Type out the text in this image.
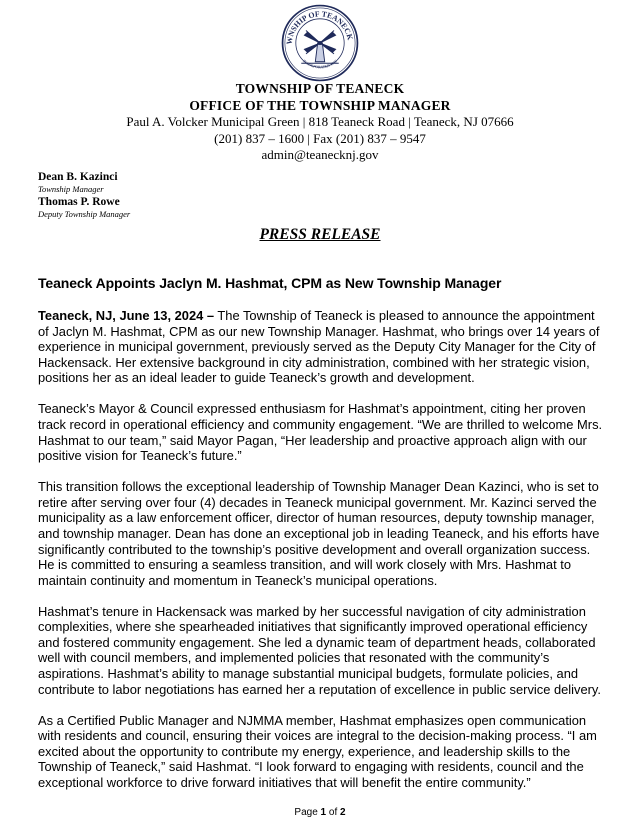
WNSHIP OF TEANECK
INCORPORATED 1895
TOWNSHIP OF TEANECK
OFFICE OF THE TOWNSHIP MANAGER
Paul A. Volcker Municipal Green | 818 Teaneck Road | Teaneck, NJ 07666
(201) 837 – 1600 | Fax (201) 837 – 9547
admin@teanecknj.gov
Dean B. Kazinci
Township Manager
Thomas P. Rowe
Deputy Township Manager
PRESS RELEASE
Teaneck Appoints Jaclyn M. Hashmat, CPM as New Township Manager

Teaneck, NJ, June 13, 2024 – The Township of Teaneck is pleased to announce the appointment of Jaclyn M. Hashmat, CPM as our new Township Manager. Hashmat, who brings over 14 years of experience in municipal government, previously served as the Deputy City Manager for the City of Hackensack. Her extensive background in city administration, combined with her strategic vision, positions her as an ideal leader to guide Teaneck’s growth and development.

Teaneck’s Mayor & Council expressed enthusiasm for Hashmat’s appointment, citing her proven track record in operational efficiency and community engagement. “We are thrilled to welcome Mrs. Hashmat to our team,” said Mayor Pagan, “Her leadership and proactive approach align with our positive vision for Teaneck’s future.”

This transition follows the exceptional leadership of Township Manager Dean Kazinci, who is set to retire after serving over four (4) decades in Teaneck municipal government. Mr. Kazinci served the municipality as a law enforcement officer, director of human resources, deputy township manager, and township manager. Dean has done an exceptional job in leading Teaneck, and his efforts have significantly contributed to the township’s positive development and overall organization success. He is committed to ensuring a seamless transition, and will work closely with Mrs. Hashmat to maintain continuity and momentum in Teaneck’s municipal operations.

Hashmat’s tenure in Hackensack was marked by her successful navigation of city administration complexities, where she spearheaded initiatives that significantly improved operational efficiency and fostered community engagement. She led a dynamic team of department heads, collaborated well with council members, and implemented policies that resonated with the community’s aspirations. Hashmat’s ability to manage substantial municipal budgets, formulate policies, and contribute to labor negotiations has earned her a reputation of excellence in public service delivery.

As a Certified Public Manager and NJMMA member, Hashmat emphasizes open communication with residents and council, ensuring their voices are integral to the decision-making process. “I am excited about the opportunity to contribute my energy, experience, and leadership skills to the Township of Teaneck,” said Hashmat. “I look forward to engaging with residents, council and the exceptional workforce to drive forward initiatives that will benefit the entire community.”

Page 1 of 2
